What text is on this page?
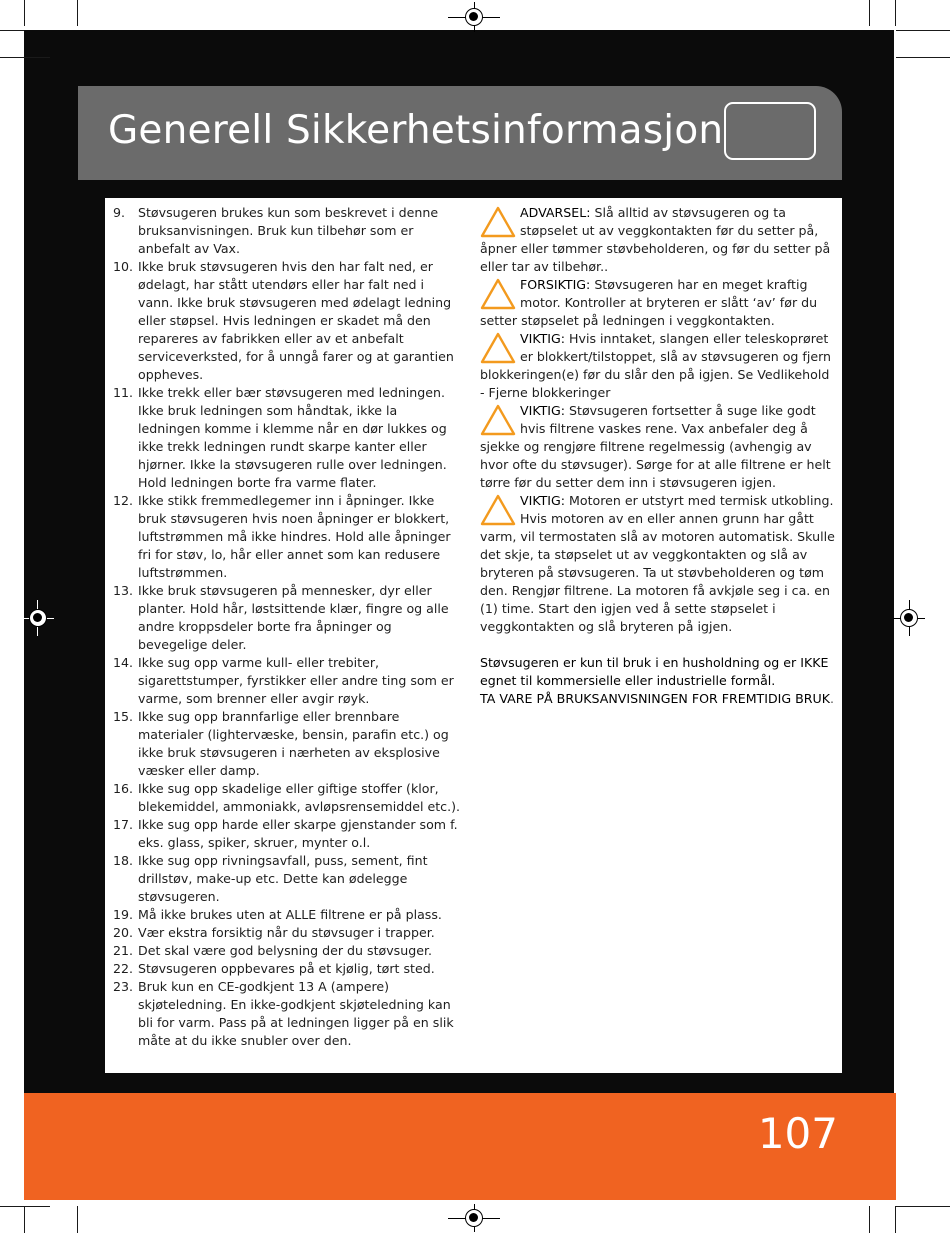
Generell Sikkerhetsinformasjon
9.	Støvsugeren brukes kun som beskrevet i denne bruksanvisningen. Bruk kun tilbehør som er anbefalt av Vax.
10. Ikke bruk støvsugeren hvis den har falt ned, er ødelagt, har stått utendørs eller har falt ned i vann. Ikke bruk støvsugeren med ødelagt ledning eller støpsel. Hvis ledningen er skadet må den repareres av fabrikken eller av et anbefalt serviceverksted, for å unngå farer og at garantien oppheves.
11. Ikke trekk eller bær støvsugeren med ledningen. Ikke bruk ledningen som håndtak, ikke la ledningen komme i klemme når en dør lukkes og ikke trekk ledningen rundt skarpe kanter eller hjørner. Ikke la støvsugeren rulle over ledningen. Hold ledningen borte fra varme flater.
12. Ikke stikk fremmedlegemer inn i åpninger. Ikke bruk støvsugeren hvis noen åpninger er blokkert, luftstrømmen må ikke hindres. Hold alle åpninger fri for støv, lo, hår eller annet som kan redusere luftstrømmen.
13. Ikke bruk støvsugeren på mennesker, dyr eller planter. Hold hår, løstsittende klær, fingre og alle andre kroppsdeler borte fra åpninger og bevegelige deler.
14. Ikke sug opp varme kull- eller trebiter, sigarettstumper, fyrstikker eller andre ting som er varme, som brenner eller avgir røyk.
15. Ikke sug opp brannfarlige eller brennbare materialer (lightervæske, bensin, parafin etc.) og ikke bruk støvsugeren i nærheten av eksplosive væsker eller damp.
16. Ikke sug opp skadelige eller giftige stoffer (klor, blekemiddel, ammoniakk, avløpsrensemiddel etc.).
17. Ikke sug opp harde eller skarpe gjenstander som f. eks. glass, spiker, skruer, mynter o.l.
18. Ikke sug opp rivningsavfall, puss, sement, fint drillstøv, make-up etc. Dette kan ødelegge støvsugeren.
19. Må ikke brukes uten at ALLE filtrene er på plass.
20. Vær ekstra forsiktig når du støvsuger i trapper.
21. Det skal være god belysning der du støvsuger.
22. Støvsugeren oppbevares på et kjølig, tørt sted.
23. Bruk kun en CE-godkjent 13 A (ampere) skjøteledning. En ikke-godkjent skjøteledning kan bli for varm. Pass på at ledningen ligger på en slik måte at du ikke snubler over den.
ADVARSEL: Slå alltid av støvsugeren og ta støpselet ut av veggkontakten før du setter på, åpner eller tømmer støvbeholderen, og før du setter på eller tar av tilbehør..
FORSIKTIG: Støvsugeren har en meget kraftig motor. Kontroller at bryteren er slått ‘av’ før du setter støpselet på ledningen i veggkontakten.
VIKTIG: Hvis inntaket, slangen eller teleskoprøret er blokkert/tilstoppet, slå av støvsugeren og fjern blokkeringen(e) før du slår den på igjen. Se Vedlikehold - Fjerne blokkeringer
VIKTIG: Støvsugeren fortsetter å suge like godt hvis filtrene vaskes rene. Vax anbefaler deg å sjekke og rengjøre filtrene regelmessig (avhengig av hvor ofte du støvsuger). Sørge for at alle filtrene er helt tørre før du setter dem inn i støvsugeren igjen.
VIKTIG: Motoren er utstyrt med termisk utkobling. Hvis motoren av en eller annen grunn har gått varm, vil termostaten slå av motoren automatisk. Skulle det skje, ta støpselet ut av veggkontakten og slå av bryteren på støvsugeren. Ta ut støvbeholderen og tøm den. Rengjør filtrene. La motoren få avkjøle seg i ca. en (1) time. Start den igjen ved å sette støpselet i veggkontakten og slå bryteren på igjen.
Støvsugeren er kun til bruk i en husholdning og er IKKE egnet til kommersielle eller industrielle formål.
TA VARE PÅ BRUKSANVISNINGEN FOR FREMTIDIG BRUK.
107
